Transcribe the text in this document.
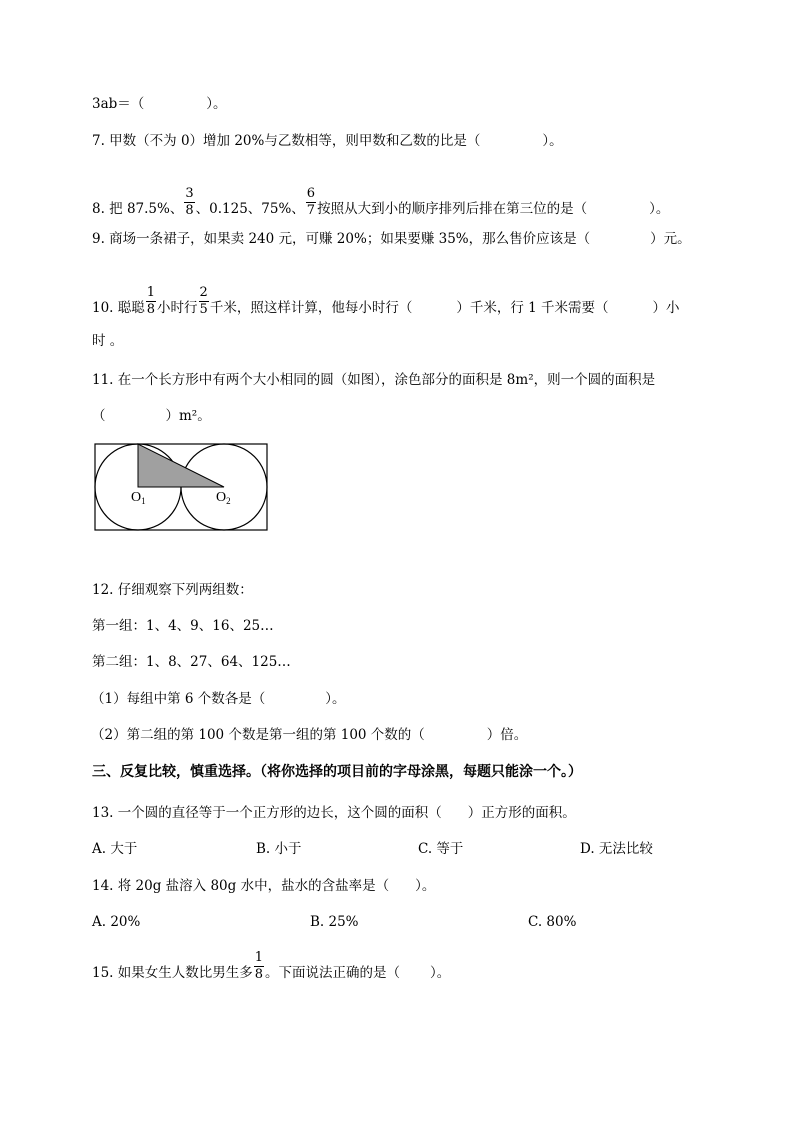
3ab＝（	）。
7. 甲数（不为 0）增加 20%与乙数相等，则甲数和乙数的比是（	）。
8. 把 87.5%、 $\frac{3}{8}$ 、0.125、75%、 $\frac{6}{7}$ 按照从大到小的顺序排列后排在第三位的是（	）。
9. 商场一条裙子，如果卖 240 元，可赚 20%；如果要赚 35%，那么售价应该是（	）元。
10. 聪聪 $\frac{1}{8}$ 小时行 $\frac{2}{5}$ 千米，照这样计算，他每小时行（	）千米，行 1 千米需要（	）小
时 。
11. 在一个长方形中有两个大小相同的圆（如图），涂色部分的面积是 8m²，则一个圆的面积是
（	）m²。
$O_1$	$O_2$
12. 仔细观察下列两组数：
第一组：1、4、9、16、25…
第二组：1、8、27、64、125…
（1）每组中第 6 个数各是（	）。
（2）第二组的第 100 个数是第一组的第 100 个数的（	）倍。
三、反复比较，慎重选择。（将你选择的项目前的字母涂黑，每题只能涂一个。）
13. 一个圆的直径等于一个正方形的边长，这个圆的面积（ ）正方形的面积。
A. 大于	B. 小于	C. 等于	D. 无法比较
14. 将 20g 盐溶入 80g 水中，盐水的含盐率是（ ）。
A. 20%	B. 25%	C. 80%
15. 如果女生人数比男生多 $\frac{1}{8}$ 。下面说法正确的是（ ）。
